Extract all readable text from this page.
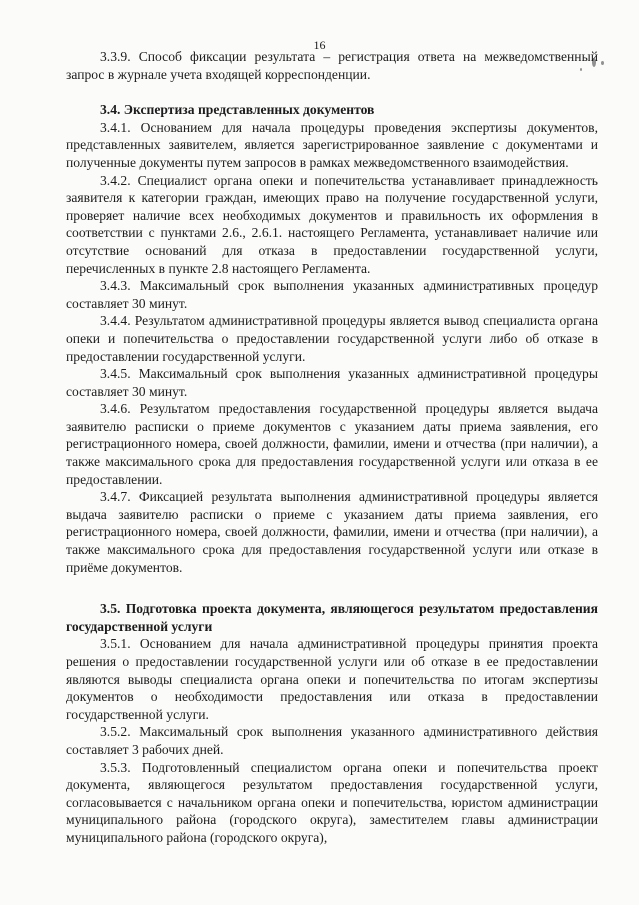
16

3.3.9. Способ фиксации результата – регистрация ответа на межведомственный запрос в журнале учета входящей корреспонденции.

3.4. Экспертиза представленных документов

3.4.1. Основанием для начала процедуры проведения экспертизы документов, представленных заявителем, является зарегистрированное заявление с документами и полученные документы путем запросов в рамках межведомственного взаимодействия.

3.4.2. Специалист органа опеки и попечительства устанавливает принадлежность заявителя к категории граждан, имеющих право на получение государственной услуги, проверяет наличие всех необходимых документов и правильность их оформления в соответствии с пунктами 2.6., 2.6.1. настоящего Регламента, устанавливает наличие или отсутствие оснований для отказа в предоставлении государственной услуги, перечисленных в пункте 2.8 настоящего Регламента.

3.4.3. Максимальный срок выполнения указанных административных процедур составляет 30 минут.

3.4.4. Результатом административной процедуры является вывод специалиста органа опеки и попечительства о предоставлении государственной услуги либо об отказе в предоставлении государственной услуги.

3.4.5. Максимальный срок выполнения указанных административной процедуры составляет 30 минут.

3.4.6. Результатом предоставления государственной процедуры является выдача заявителю расписки о приеме документов с указанием даты приема заявления, его регистрационного номера, своей должности, фамилии, имени и отчества (при наличии), а также максимального срока для предоставления государственной услуги или отказа в ее предоставлении.

3.4.7. Фиксацией результата выполнения административной процедуры является выдача заявителю расписки о приеме с указанием даты приема заявления, его регистрационного номера, своей должности, фамилии, имени и отчества (при наличии), а также максимального срока для предоставления государственной услуги или отказе в приёме документов.

3.5. Подготовка проекта документа, являющегося результатом предоставления государственной услуги

3.5.1. Основанием для начала административной процедуры принятия проекта решения о предоставлении государственной услуги или об отказе в ее предоставлении являются выводы специалиста органа опеки и попечительства по итогам экспертизы документов о необходимости предоставления или отказа в предоставлении государственной услуги.

3.5.2. Максимальный срок выполнения указанного административного действия составляет 3 рабочих дней.

3.5.3. Подготовленный специалистом органа опеки и попечительства проект документа, являющегося результатом предоставления государственной услуги, согласовывается с начальником органа опеки и попечительства, юристом администрации муниципального района (городского округа), заместителем главы администрации муниципального района (городского округа),
